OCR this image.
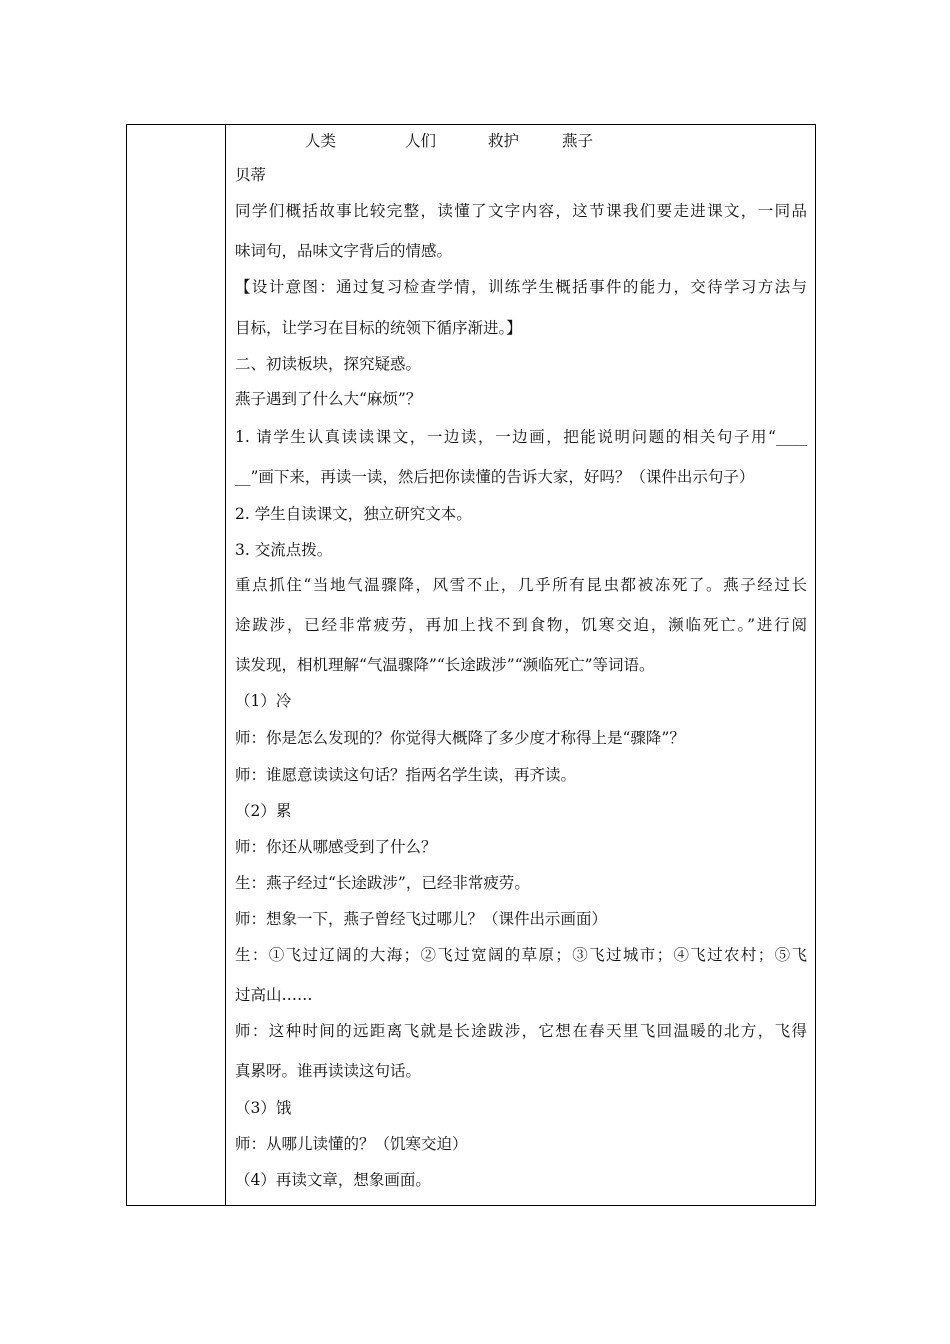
人类	人们	救护	燕子
贝蒂
同学们概括故事比较完整，读懂了文字内容，这节课我们要走进课文，一同品
味词句，品味文字背后的情感。
【设计意图：通过复习检查学情，训练学生概括事件的能力，交待学习方法与
目标，让学习在目标的统领下循序渐进。】
二、初读板块，探究疑惑。
燕子遇到了什么大“麻烦”？
1. 请学生认真读读课文，一边读，一边画，把能说明问题的相关句子用“____
__”画下来，再读一读，然后把你读懂的告诉大家，好吗？（课件出示句子）
2. 学生自读课文，独立研究文本。
3. 交流点拨。
重点抓住“当地气温骤降，风雪不止，几乎所有昆虫都被冻死了。燕子经过长
途跋涉，已经非常疲劳，再加上找不到食物，饥寒交迫，濒临死亡。”进行阅
读发现，相机理解“气温骤降”“长途跋涉”“濒临死亡”等词语。
（1）冷
师：你是怎么发现的？你觉得大概降了多少度才称得上是“骤降”？
师：谁愿意读读这句话？指两名学生读，再齐读。
（2）累
师：你还从哪感受到了什么？
生：燕子经过“长途跋涉”，已经非常疲劳。
师：想象一下，燕子曾经飞过哪儿？（课件出示画面）
生：①飞过辽阔的大海；②飞过宽阔的草原；③飞过城市；④飞过农村；⑤飞
过高山……
师：这种时间的远距离飞就是长途跋涉，它想在春天里飞回温暖的北方，飞得
真累呀。谁再读读这句话。
（3）饿
师：从哪儿读懂的？（饥寒交迫）
（4）再读文章，想象画面。
